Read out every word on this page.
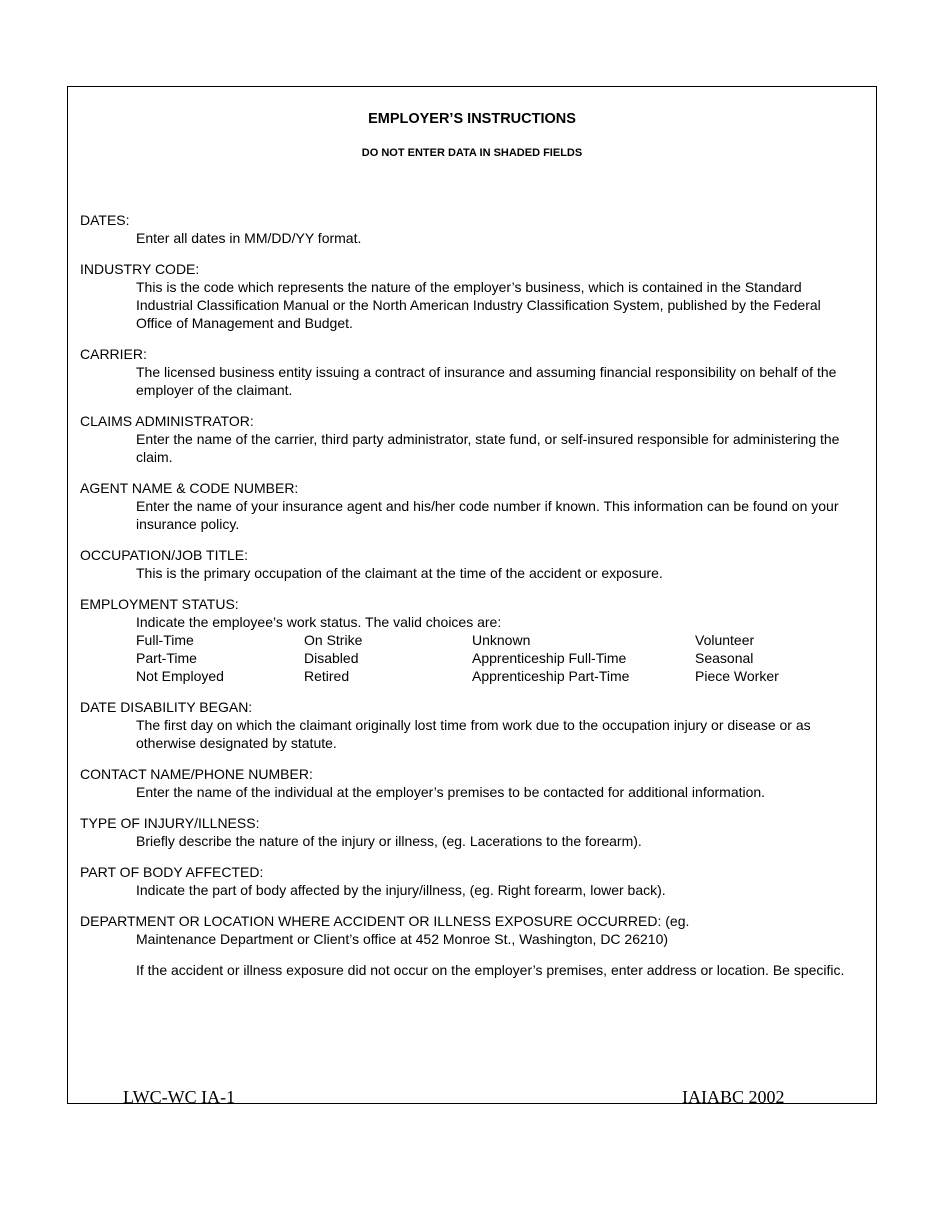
EMPLOYER’S INSTRUCTIONS
DO NOT ENTER DATA IN SHADED FIELDS
DATES:
Enter all dates in MM/DD/YY format.
INDUSTRY CODE:
This is the code which represents the nature of the employer’s business, which is contained in the Standard Industrial Classification Manual or the North American Industry Classification System, published by the Federal Office of Management and Budget.
CARRIER:
The licensed business entity issuing a contract of insurance and assuming financial responsibility on behalf of the employer of the claimant.
CLAIMS ADMINISTRATOR:
Enter the name of the carrier, third party administrator, state fund, or self-insured responsible for administering the claim.
AGENT NAME & CODE NUMBER:
Enter the name of your insurance agent and his/her code number if known. This information can be found on your insurance policy.
OCCUPATION/JOB TITLE:
This is the primary occupation of the claimant at the time of the accident or exposure.
EMPLOYMENT STATUS:
Indicate the employee’s work status. The valid choices are:
Full-Time	On Strike	Unknown	Volunteer
Part-Time	Disabled	Apprenticeship Full-Time	Seasonal
Not Employed	Retired	Apprenticeship Part-Time	Piece Worker
DATE DISABILITY BEGAN:
The first day on which the claimant originally lost time from work due to the occupation injury or disease or as otherwise designated by statute.
CONTACT NAME/PHONE NUMBER:
Enter the name of the individual at the employer’s premises to be contacted for additional information.
TYPE OF INJURY/ILLNESS:
Briefly describe the nature of the injury or illness, (eg. Lacerations to the forearm).
PART OF BODY AFFECTED:
Indicate the part of body affected by the injury/illness, (eg. Right forearm, lower back).
DEPARTMENT OR LOCATION WHERE ACCIDENT OR ILLNESS EXPOSURE OCCURRED: (eg.

Maintenance Department or Client’s office at 452 Monroe St., Washington, DC 26210)

If the accident or illness exposure did not occur on the employer’s premises, enter address or location. Be specific.

LWC-WC IA-1	IAIABC 2002
